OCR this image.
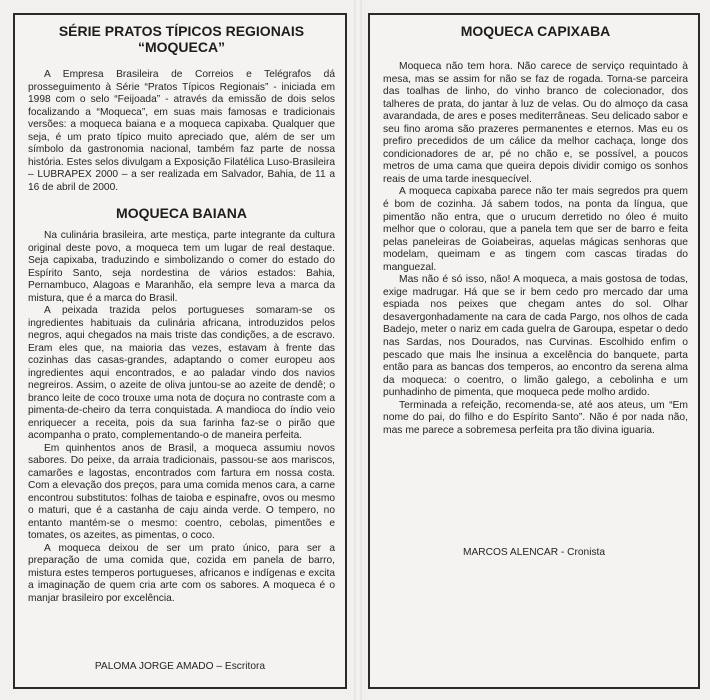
SÉRIE PRATOS TÍPICOS REGIONAIS
“MOQUECA”

A Empresa Brasileira de Correios e Telégrafos dá prosseguimento à Série “Pratos Típicos Regionais” - iniciada em 1998 com o selo “Feijoada” - através da emissão de dois selos focalizando a “Moqueca”, em suas mais famosas e tradicionais versões: a moqueca baiana e a moqueca capixaba. Qualquer que seja, é um prato típico muito apreciado que, além de ser um símbolo da gastronomia nacional, também faz parte de nossa história. Estes selos divulgam a Exposição Filatélica Luso-Brasileira – LUBRAPEX 2000 – a ser realizada em Salvador, Bahia, de 11 a 16 de abril de 2000.

MOQUECA BAIANA

Na culinária brasileira, arte mestiça, parte integrante da cultura original deste povo, a moqueca tem um lugar de real destaque. Seja capixaba, traduzindo e simbolizando o comer do estado do Espírito Santo, seja nordestina de vários estados: Bahia, Pernambuco, Alagoas e Maranhão, ela sempre leva a marca da mistura, que é a marca do Brasil.

A peixada trazida pelos portugueses somaram-se os ingredientes habituais da culinária africana, introduzidos pelos negros, aqui chegados na mais triste das condições, a de escravo. Eram eles que, na maioria das vezes, estavam à frente das cozinhas das casas-grandes, adaptando o comer europeu aos ingredientes aqui encontrados, e ao paladar vindo dos navios negreiros. Assim, o azeite de oliva juntou-se ao azeite de dendê; o branco leite de coco trouxe uma nota de doçura no contraste com a pimenta-de-cheiro da terra conquistada. A mandioca do índio veio enriquecer a receita, pois da sua farinha faz-se o pirão que acompanha o prato, complementando-o de maneira perfeita.

Em quinhentos anos de Brasil, a moqueca assumiu novos sabores. Do peixe, da arraia tradicionais, passou-se aos mariscos, camarões e lagostas, encontrados com fartura em nossa costa. Com a elevação dos preços, para uma comida menos cara, a carne encontrou substitutos: folhas de taioba e espinafre, ovos ou mesmo o maturi, que é a castanha de caju ainda verde. O tempero, no entanto mantém-se o mesmo: coentro, cebolas, pimentões e tomates, os azeites, as pimentas, o coco.

A moqueca deixou de ser um prato único, para ser a preparação de uma comida que, cozida em panela de barro, mistura estes temperos portugueses, africanos e indígenas e excita a imaginação de quem cria arte com os sabores. A moqueca é o manjar brasileiro por excelência.

PALOMA JORGE AMADO – Escritora
MOQUECA CAPIXABA

Moqueca não tem hora. Não carece de serviço requintado à mesa, mas se assim for não se faz de rogada. Torna-se parceira das toalhas de linho, do vinho branco de colecionador, dos talheres de prata, do jantar à luz de velas. Ou do almoço da casa avarandada, de ares e poses mediterrâneas. Seu delicado sabor e seu fino aroma são prazeres permanentes e eternos. Mas eu os prefiro precedidos de um cálice da melhor cachaça, longe dos condicionadores de ar, pé no chão e, se possível, a poucos metros de uma cama que queira depois dividir comigo os sonhos reais de uma tarde inesquecível.

A moqueca capixaba parece não ter mais segredos pra quem é bom de cozinha. Já sabem todos, na ponta da língua, que pimentão não entra, que o urucum derretido no óleo é muito melhor que o colorau, que a panela tem que ser de barro e feita pelas paneleiras de Goiabeiras, aquelas mágicas senhoras que modelam, queimam e as tingem com cascas tiradas do manguezal.

Mas não é só isso, não! A moqueca, a mais gostosa de todas, exige madrugar. Há que se ir bem cedo pro mercado dar uma espiada nos peixes que chegam antes do sol. Olhar desavergonhadamente na cara de cada Pargo, nos olhos de cada Badejo, meter o nariz em cada guelra de Garoupa, espetar o dedo nas Sardas, nos Dourados, nas Curvinas. Escolhido enfim o pescado que mais lhe insinua a excelência do banquete, parta então para as bancas dos temperos, ao encontro da serena alma da moqueca: o coentro, o limão galego, a cebolinha e um punhadinho de pimenta, que moqueca pede molho ardido.

Terminada a refeição, recomenda-se, até aos ateus, um “Em nome do pai, do filho e do Espírito Santo”. Não é por nada não, mas me parece a sobremesa perfeita pra tão divina iguaria.

MARCOS ALENCAR - Cronista
